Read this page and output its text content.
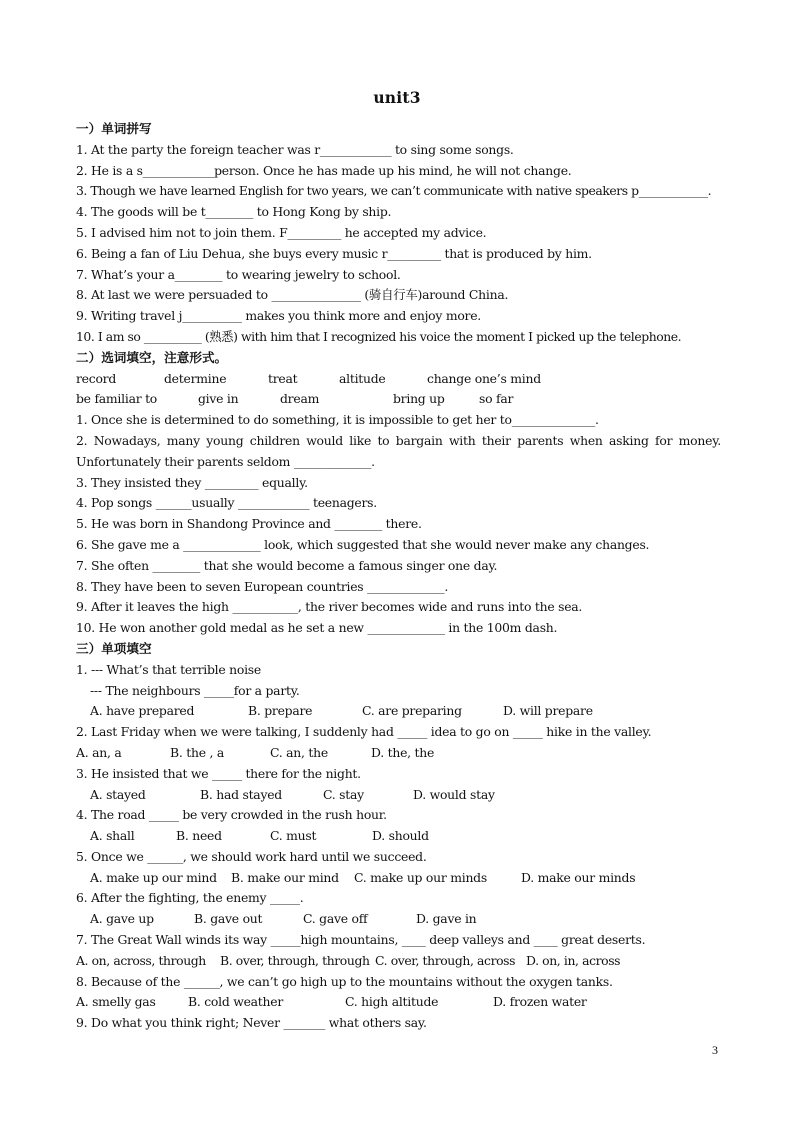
unit3
一）单词拼写
1. At the party the foreign teacher was r____________ to sing some songs.
2. He is a s____________person. Once he has made up his mind, he will not change.
3. Though we have learned English for two years, we can’t communicate with native speakers p____________.
4. The goods will be t________ to Hong Kong by ship.
5. I advised him not to join them. F_________ he accepted my advice.
6. Being a fan of Liu Dehua, she buys every music r_________ that is produced by him.
7. What’s your a________ to wearing jewelry to school.
8. At last we were persuaded to _______________ (骑自行车)around China.
9. Writing travel j__________ makes you think more and enjoy more.
10. I am so __________ (熟悉) with him that I recognized his voice the moment I picked up the telephone.
二）选词填空，注意形式。
record	determine	treat	altitude	change one’s mind
be familiar to	give in	dream	bring up	so far
1. Once she is determined to do something, it is impossible to get her to______________.
2. Nowadays, many young children would like to bargain with their parents when asking for money.
Unfortunately their parents seldom _____________.
3. They insisted they _________ equally.
4. Pop songs ______usually ____________ teenagers.
5. He was born in Shandong Province and ________ there.
6. She gave me a _____________ look, which suggested that she would never make any changes.
7. She often ________ that she would become a famous singer one day.
8. They have been to seven European countries _____________.
9. After it leaves the high ___________, the river becomes wide and runs into the sea.
10. He won another gold medal as he set a new _____________ in the 100m dash.
三）单项填空
1. --- What’s that terrible noise
--- The neighbours _____for a party.
A. have prepared	B. prepare	C. are preparing	D. will prepare
2. Last Friday when we were talking, I suddenly had _____ idea to go on _____ hike in the valley.
A. an, a	B. the , a	C. an, the	D. the, the
3. He insisted that we _____ there for the night.
A. stayed	B. had stayed	C. stay	D. would stay
4. The road _____ be very crowded in the rush hour.
A. shall	B. need	C. must	D. should
5. Once we ______, we should work hard until we succeed.
A. make up our mind B. make our mind C. make up our minds	D. make our minds
6. After the fighting, the enemy _____.
A. gave up	B. gave out	C. gave off	D. gave in
7. The Great Wall winds its way _____high mountains, ____ deep valleys and ____ great deserts.
A. on, across, through B. over, through, through C. over, through, across D. on, in, across
8. Because of the ______, we can’t go high up to the mountains without the oxygen tanks.
A. smelly gas	B. cold weather	C. high altitude	D. frozen water
9. Do what you think right; Never _______ what others say.
3
